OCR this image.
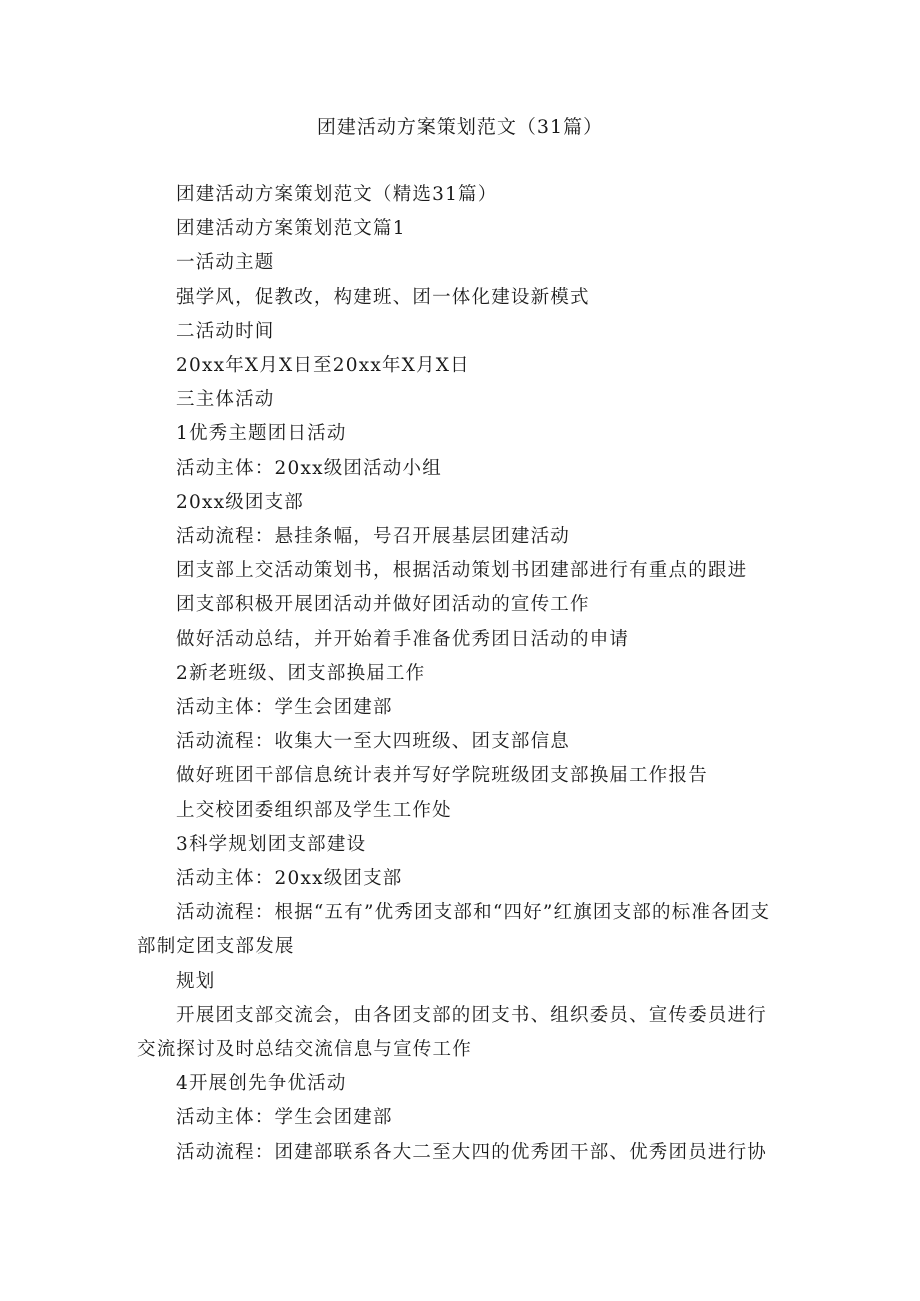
团建活动方案策划范文（31篇）

团建活动方案策划范文（精选31篇）

团建活动方案策划范文篇1

一活动主题

强学风，促教改，构建班、团一体化建设新模式

二活动时间

20xx年X月X日至20xx年X月X日

三主体活动

1优秀主题团日活动

活动主体：20xx级团活动小组

20xx级团支部

活动流程：悬挂条幅，号召开展基层团建活动

团支部上交活动策划书，根据活动策划书团建部进行有重点的跟进

团支部积极开展团活动并做好团活动的宣传工作

做好活动总结，并开始着手准备优秀团日活动的申请

2新老班级、团支部换届工作

活动主体：学生会团建部

活动流程：收集大一至大四班级、团支部信息

做好班团干部信息统计表并写好学院班级团支部换届工作报告

上交校团委组织部及学生工作处

3科学规划团支部建设

活动主体：20xx级团支部

活动流程：根据“五有”优秀团支部和“四好”红旗团支部的标准各团支部制定团支部发展

规划

开展团支部交流会，由各团支部的团支书、组织委员、宣传委员进行交流探讨及时总结交流信息与宣传工作

4开展创先争优活动

活动主体：学生会团建部

活动流程：团建部联系各大二至大四的优秀团干部、优秀团员进行协
